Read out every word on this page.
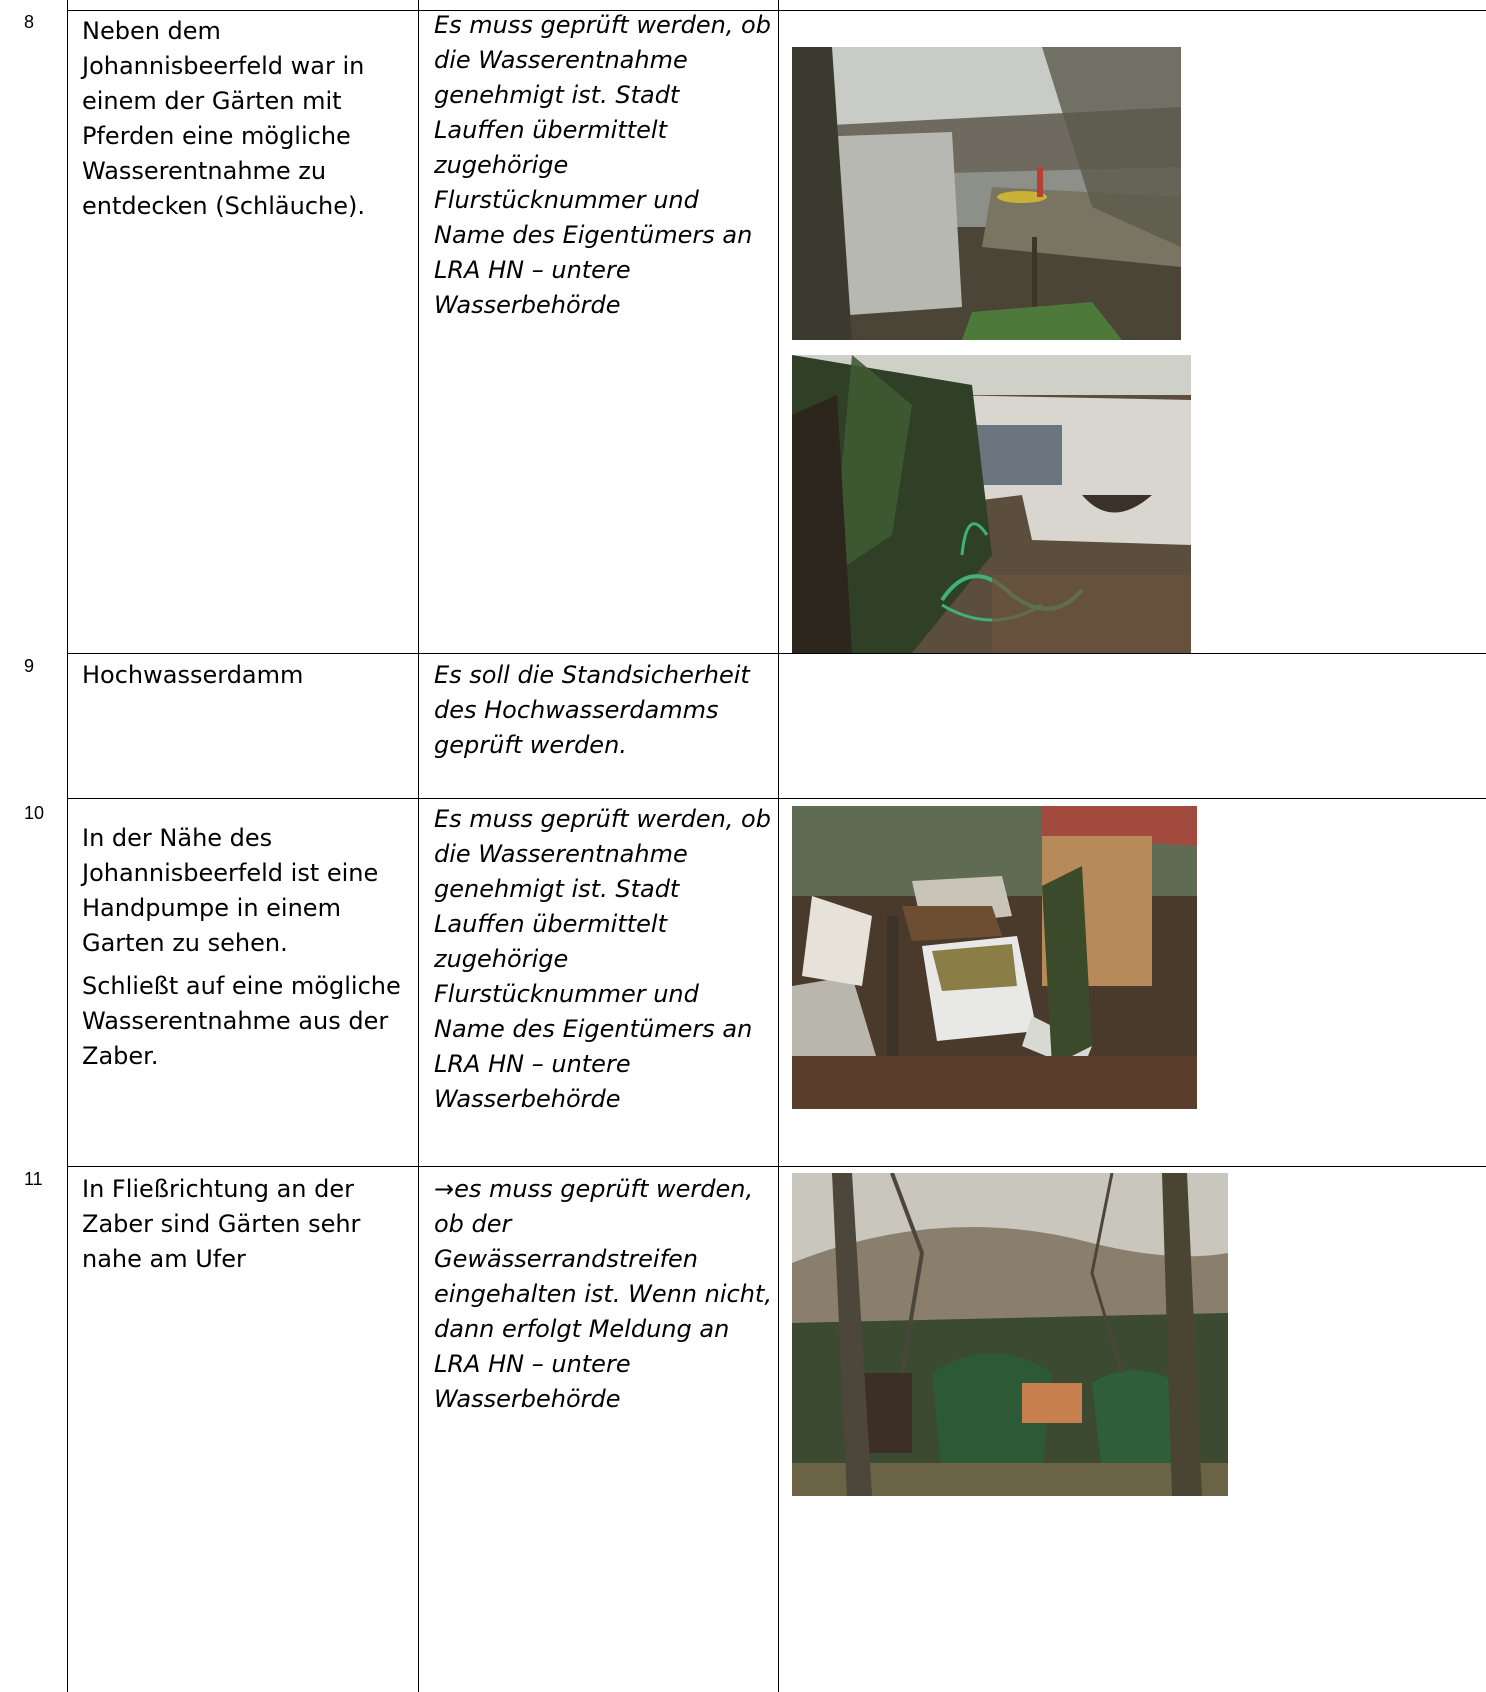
8 Neben dem Johannisbeerfeld war in einem der Gärten mit Pferden eine mögliche Wasserentnahme zu entdecken (Schläuche).

Es muss geprüft werden, ob die Wasserentnahme genehmigt ist. Stadt Lauffen übermittelt zugehörige Flurstücknummer und Name des Eigentümers an LRA HN – untere Wasserbehörde
9 Hochwasserdamm	Es soll die Standsicherheit des Hochwasserdamms geprüft werden.
10

In der Nähe des Johannisbeerfeld ist eine Handpumpe in einem Garten zu sehen.

Schließt auf eine mögliche Wasserentnahme aus der Zaber.

Es muss geprüft werden, ob die Wasserentnahme genehmigt ist. Stadt Lauffen übermittelt zugehörige Flurstücknummer und Name des Eigentümers an LRA HN – untere Wasserbehörde
11 In Fließrichtung an der Zaber sind Gärten sehr nahe am Ufer

→es muss geprüft werden, ob der Gewässerrandstreifen eingehalten ist. Wenn nicht, dann erfolgt Meldung an LRA HN – untere Wasserbehörde
